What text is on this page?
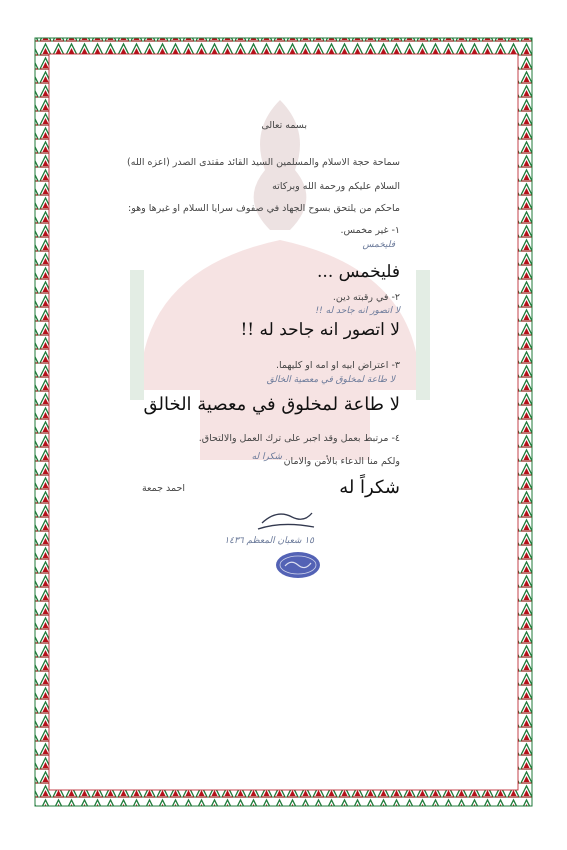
بسمه تعالى
سماحة حجة الاسلام والمسلمين السيد القائد مقتدى الصدر (اعزه الله)
السلام عليكم ورحمة الله وبركاته
ماحكم من يلتحق بسوح الجهاد في صفوف سرايا السلام او غيرها وهو:
١- غير مخمس.
فليخمس
فليخمس ...
٢- في رقبته دين.
لا اتصور انه جاحد له !!
لا اتصور انه جاحد له !!
٣- اعتراض ابيه او امه او كليهما.
لا طاعة لمخلوق في معصية الخالق
لا طاعة لمخلوق في معصية الخالق
٤- مرتبط بعمل وقد اجبر على ترك العمل والالتحاق.
ولكم منا الدعاء بالأمن والامان
شكرا له
احمد جمعة	شكراً له
١٥ شعبان المعظم ١٤٣٦
